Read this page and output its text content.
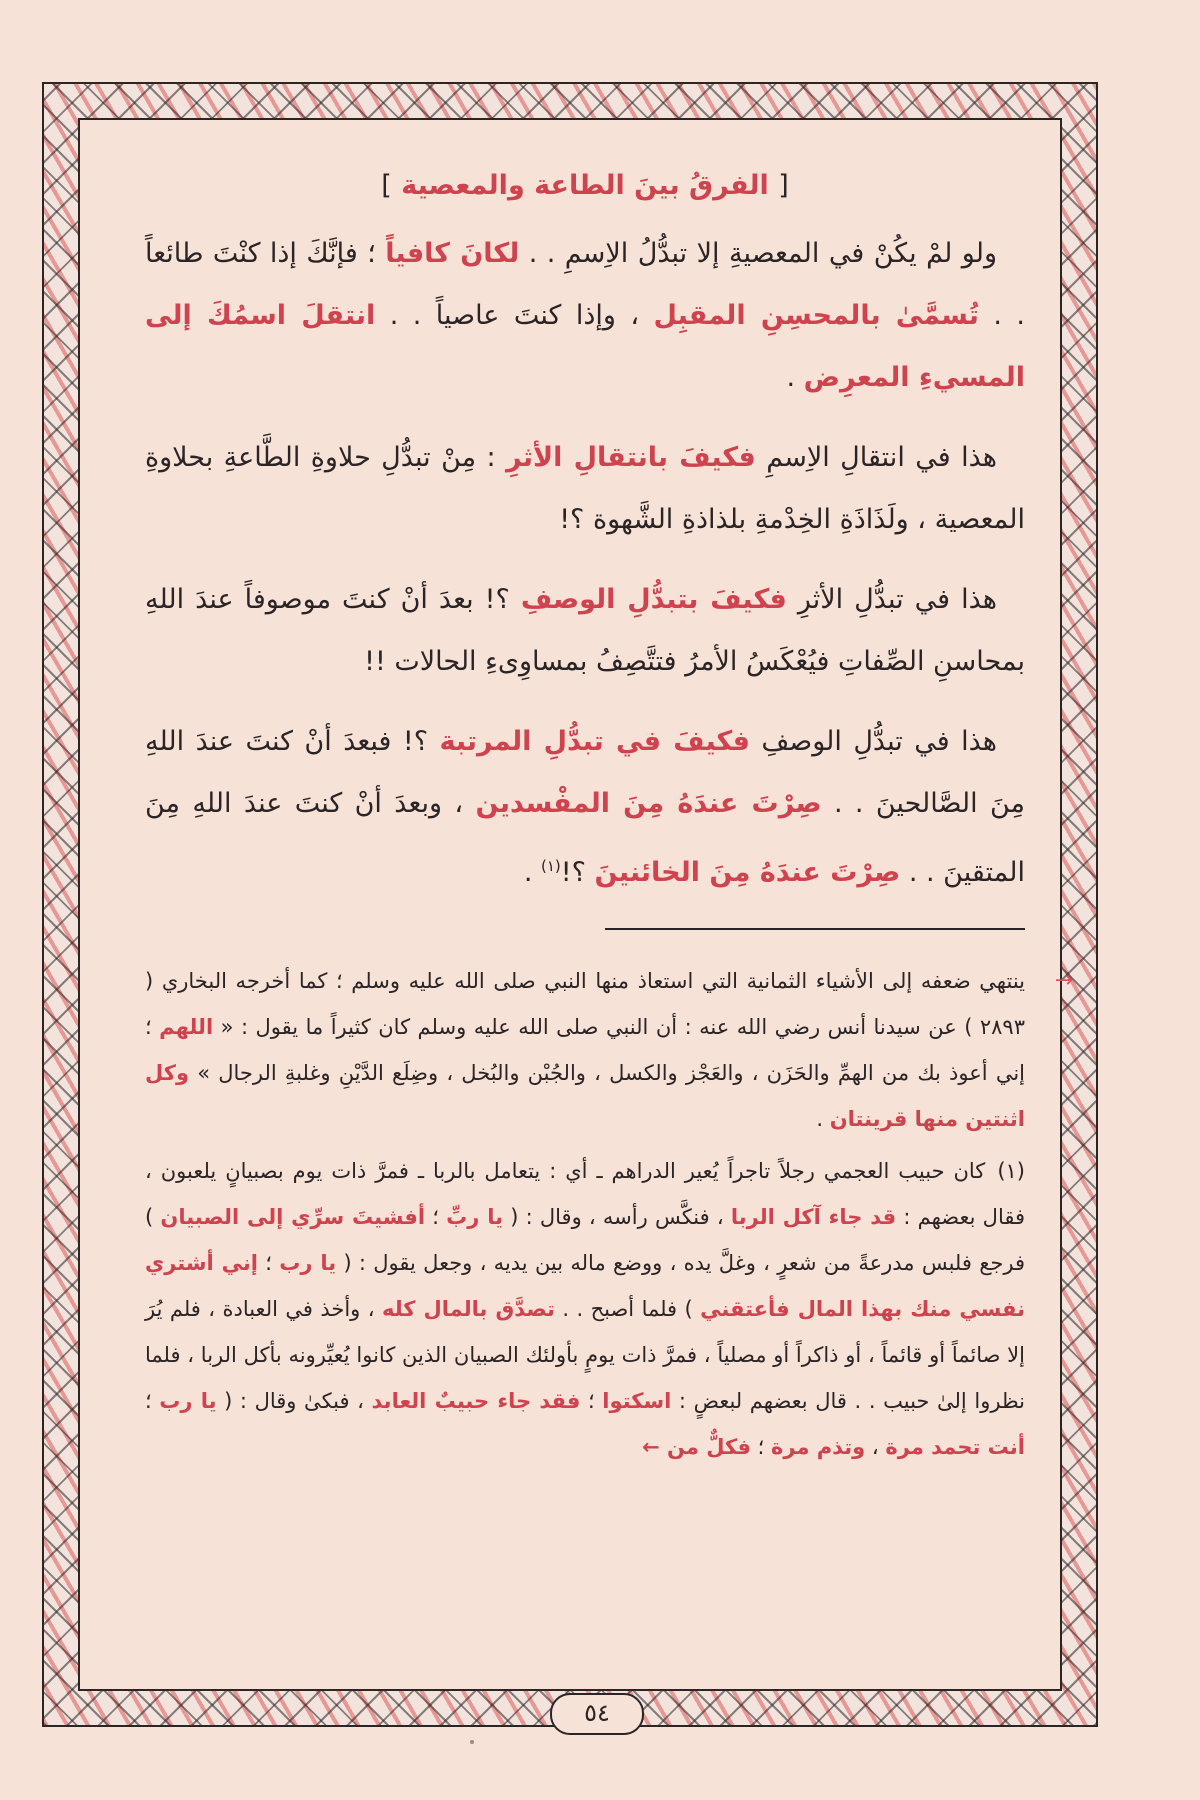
[ الفرقُ بينَ الطاعة والمعصية ]

ولو لمْ يكُنْ في المعصيةِ إلا تبدُّلُ الاِسمِ . . لكانَ كافياً ؛ فإنَّكَ إذا كنْتَ طائعاً . . تُسمَّىٰ بالمحسِنِ المقبِل ، وإذا كنتَ عاصياً . . انتقلَ اسمُكَ إلى المسيءِ المعرِض .

هذا في انتقالِ الاِسمِ فكيفَ بانتقالِ الأثرِ : مِنْ تبدُّلِ حلاوةِ الطَّاعةِ بحلاوةِ المعصية ، ولَذَاذَةِ الخِدْمةِ بلذاذةِ الشَّهوة ؟!

هذا في تبدُّلِ الأثرِ فكيفَ بتبدُّلِ الوصفِ ؟! بعدَ أنْ كنتَ موصوفاً عندَ اللهِ بمحاسنِ الصِّفاتِ فيُعْكَسُ الأمرُ فتتَّصِفُ بمساوِىءِ الحالات !!

هذا في تبدُّلِ الوصفِ فكيفَ في تبدُّلِ المرتبة ؟! فبعدَ أنْ كنتَ عندَ اللهِ مِنَ الصَّالحينَ . . صِرْتَ عندَهُ مِنَ المفْسدين ، وبعدَ أنْ كنتَ عندَ اللهِ مِنَ المتقينَ . . صِرْتَ عندَهُ مِنَ الخائنينَ ؟!$^{(١)}$ .

→
ينتهي ضعفه إلى الأشياء الثمانية التي استعاذ منها النبي صلى الله عليه وسلم ؛ كما أخرجه البخاري ( ٢٨٩٣ ) عن سيدنا أنس رضي الله عنه : أن النبي صلى الله عليه وسلم كان كثيراً ما يقول : « اللهم ؛ إني أعوذ بك من الهمِّ والحَزَن ، والعَجْز والكسل ، والجُبْن والبُخل ، وضِلَع الدَّيْنِ وغلبةِ الرجال » وكل اثنتين منها قرينتان .

(١)كان حبيب العجمي رجلاً تاجراً يُعير الدراهم ـ أي : يتعامل بالربا ـ فمرَّ ذات يوم بصبيانٍ يلعبون ، فقال بعضهم : قد جاء آكل الربا ، فنكَّس رأسه ، وقال : ( يا ربِّ ؛ أفشيتَ سرِّي إلى الصبيان ) فرجع فلبس مدرعةً من شعرٍ ، وغلَّ يده ، ووضع ماله بين يديه ، وجعل يقول : ( يا رب ؛ إني أشتري نفسي منك بهذا المال فأعتقني ) فلما أصبح . . تصدَّق بالمال كله ، وأخذ في العبادة ، فلم يُرَ إلا صائماً أو قائماً ، أو ذاكراً أو مصلياً ، فمرَّ ذات يومٍ بأولئك الصبيان الذين كانوا يُعيِّرونه بأكل الربا ، فلما نظروا إلىٰ حبيب . . قال بعضهم لبعضٍ : اسكتوا ؛ فقد جاء حبيبٌ العابد ، فبكىٰ وقال : ( يا رب ؛ أنت تحمد مرة ، وتذم مرة ؛ فكلٌّ من ←

٥٤
